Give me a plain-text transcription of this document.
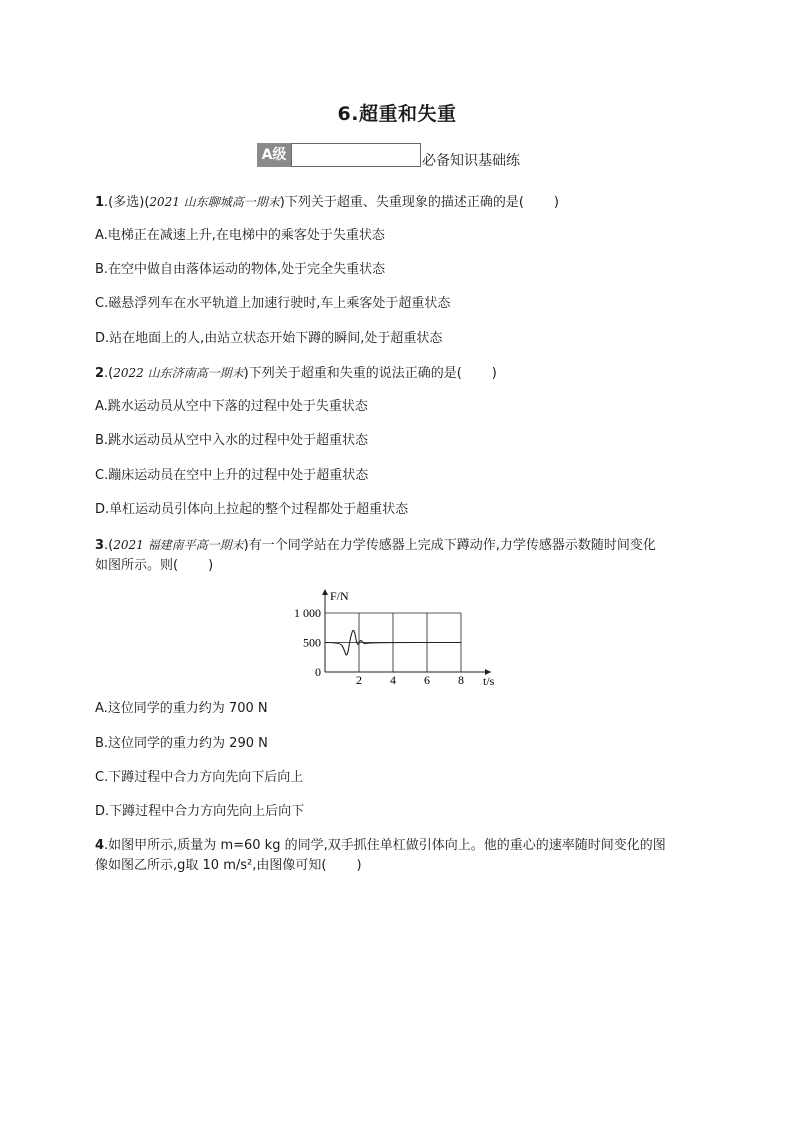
6.超重和失重
A级	必备知识基础练
1.(多选)(2021 山东聊城高一期末)下列关于超重、失重现象的描述正确的是( )
A.电梯正在减速上升,在电梯中的乘客处于失重状态
B.在空中做自由落体运动的物体,处于完全失重状态
C.磁悬浮列车在水平轨道上加速行驶时,车上乘客处于超重状态
D.站在地面上的人,由站立状态开始下蹲的瞬间,处于超重状态
2.(2022 山东济南高一期末)下列关于超重和失重的说法正确的是( )
A.跳水运动员从空中下落的过程中处于失重状态
B.跳水运动员从空中入水的过程中处于超重状态
C.蹦床运动员在空中上升的过程中处于超重状态
D.单杠运动员引体向上拉起的整个过程都处于超重状态
3.(2021 福建南平高一期末)有一个同学站在力学传感器上完成下蹲动作,力学传感器示数随时间变化
如图所示。则( )
2 4 6 8
1 000
500
0
F/N
t/s
A.这位同学的重力约为 700 N
B.这位同学的重力约为 290 N
C.下蹲过程中合力方向先向下后向上
D.下蹲过程中合力方向先向上后向下
4.如图甲所示,质量为 m=60 kg 的同学,双手抓住单杠做引体向上。他的重心的速率随时间变化的图
像如图乙所示,g取 10 m/s²,由图像可知( )
